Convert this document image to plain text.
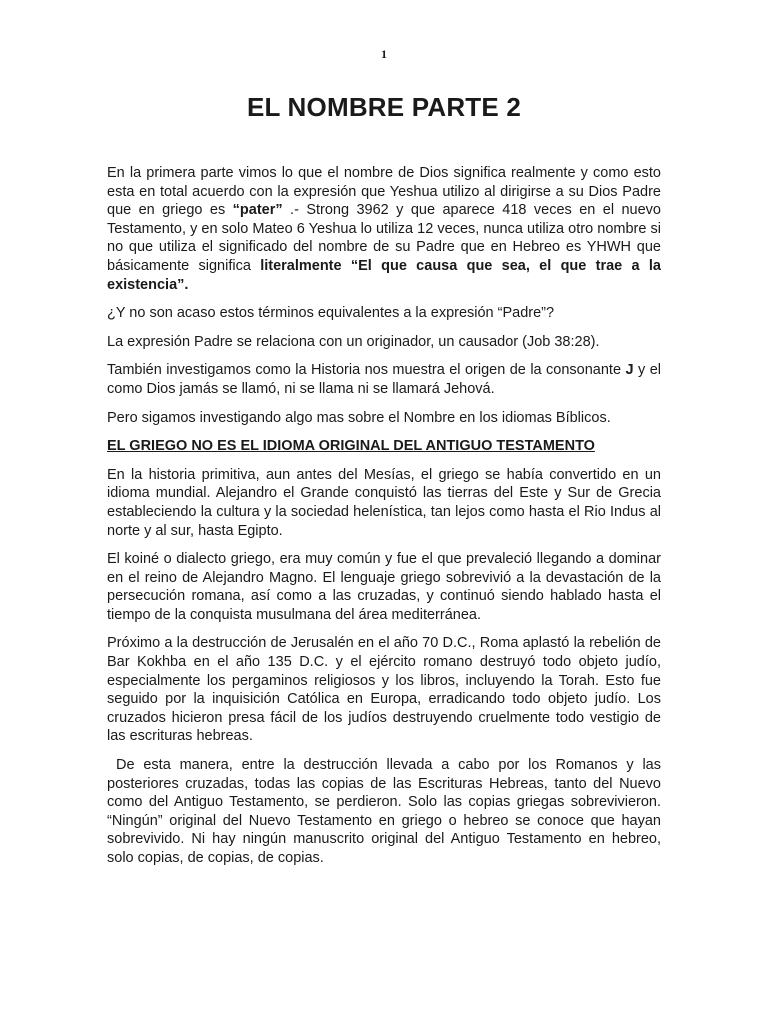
1
EL NOMBRE PARTE 2

En la primera parte vimos lo que el nombre de Dios significa realmente y como esto esta en total acuerdo con la expresión que Yeshua utilizo al dirigirse a su Dios Padre que en griego es “pater” .- Strong 3962 y que aparece 418 veces en el nuevo Testamento, y en solo Mateo 6 Yeshua lo utiliza 12 veces, nunca utiliza otro nombre si no que utiliza el significado del nombre de su Padre que en Hebreo es YHWH que básicamente significa literalmente “El que causa que sea, el que trae a la existencia”.

¿Y no son acaso estos términos equivalentes a la expresión “Padre”?

La expresión Padre se relaciona con un originador, un causador (Job 38:28).

También investigamos como la Historia nos muestra el origen de la consonante J y el como Dios jamás se llamó, ni se llama ni se llamará Jehová.

Pero sigamos investigando algo mas sobre el Nombre en los idiomas Bíblicos.

EL GRIEGO NO ES EL IDIOMA ORIGINAL DEL ANTIGUO TESTAMENTO

En la historia primitiva, aun antes del Mesías, el griego se había convertido en un idioma mundial. Alejandro el Grande conquistó las tierras del Este y Sur de Grecia estableciendo la cultura y la sociedad helenística, tan lejos como hasta el Rio Indus al norte y al sur, hasta Egipto.

El koiné o dialecto griego, era muy común y fue el que prevaleció llegando a dominar en el reino de Alejandro Magno. El lenguaje griego sobrevivió a la devastación de la persecución romana, así como a las cruzadas, y continuó siendo hablado hasta el tiempo de la conquista musulmana del área mediterránea.

Próximo a la destrucción de Jerusalén en el año 70 D.C., Roma aplastó la rebelión de Bar Kokhba en el año 135 D.C. y el ejército romano destruyó todo objeto judío, especialmente los pergaminos religiosos y los libros, incluyendo la Torah. Esto fue seguido por la inquisición Católica en Europa, erradicando todo objeto judío. Los cruzados hicieron presa fácil de los judíos destruyendo cruelmente todo vestigio de las escrituras hebreas.

De esta manera, entre la destrucción llevada a cabo por los Romanos y las posteriores cruzadas, todas las copias de las Escrituras Hebreas, tanto del Nuevo como del Antiguo Testamento, se perdieron. Solo las copias griegas sobrevivieron. “Ningún” original del Nuevo Testamento en griego o hebreo se conoce que hayan sobrevivido. Ni hay ningún manuscrito original del Antiguo Testamento en hebreo, solo copias, de copias, de copias.
